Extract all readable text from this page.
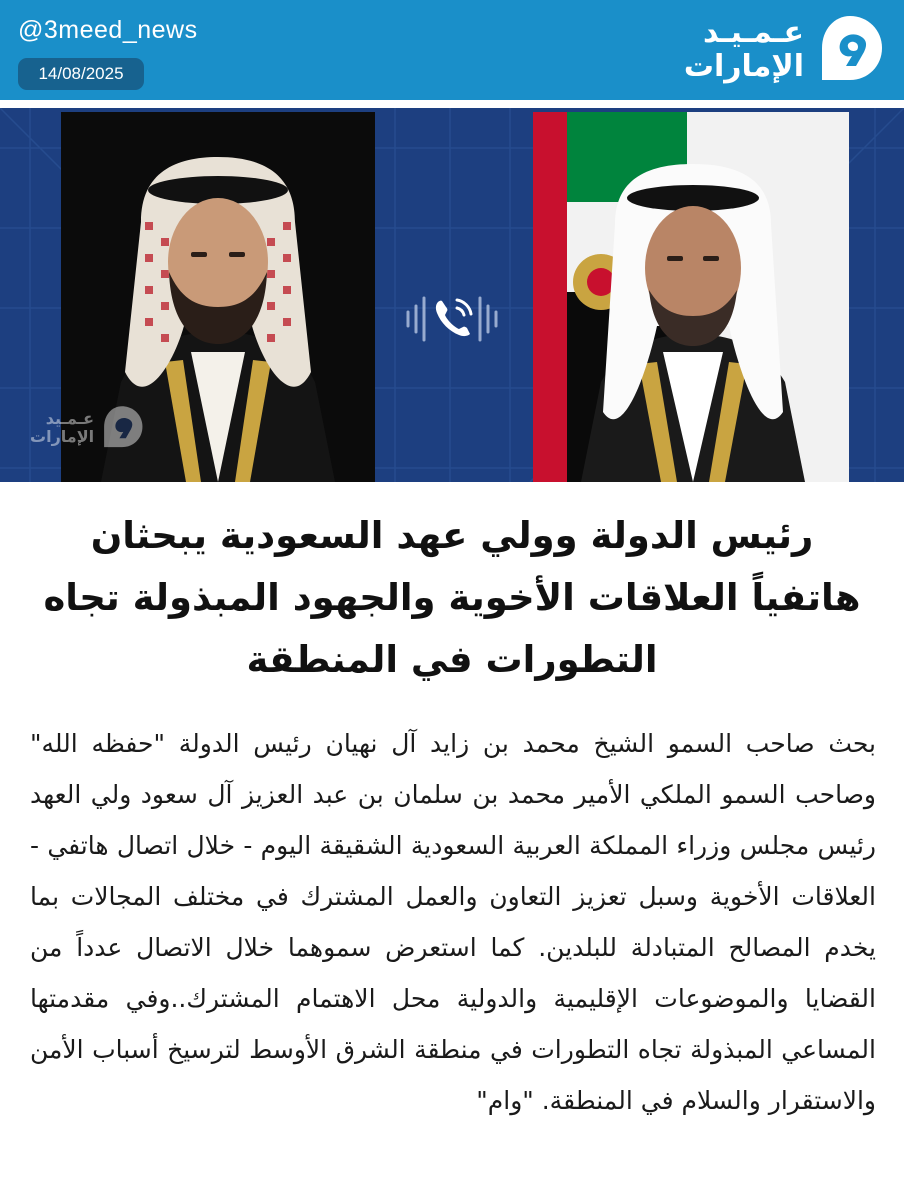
@3meed_news
14/08/2025
عـمـيـد
الإمارات
عـمـيد
الإمارات
رئيس الدولة وولي عهد السعودية يبحثان هاتفياً العلاقات الأخوية والجهود المبذولة تجاه التطورات في المنطقة

بحث صاحب السمو الشيخ محمد بن زايد آل نهيان رئيس الدولة "حفظه الله" وصاحب السمو الملكي الأمير محمد بن سلمان بن عبد العزيز آل سعود ولي العهد رئيس مجلس وزراء المملكة العربية السعودية الشقيقة اليوم - خلال اتصال هاتفي - العلاقات الأخوية وسبل تعزيز التعاون والعمل المشترك في مختلف المجالات بما يخدم المصالح المتبادلة للبلدين. كما استعرض سموهما خلال الاتصال عدداً من القضايا والموضوعات الإقليمية والدولية محل الاهتمام المشترك..وفي مقدمتها المساعي المبذولة تجاه التطورات في منطقة الشرق الأوسط لترسيخ أسباب الأمن والاستقرار والسلام في المنطقة. "وام"
